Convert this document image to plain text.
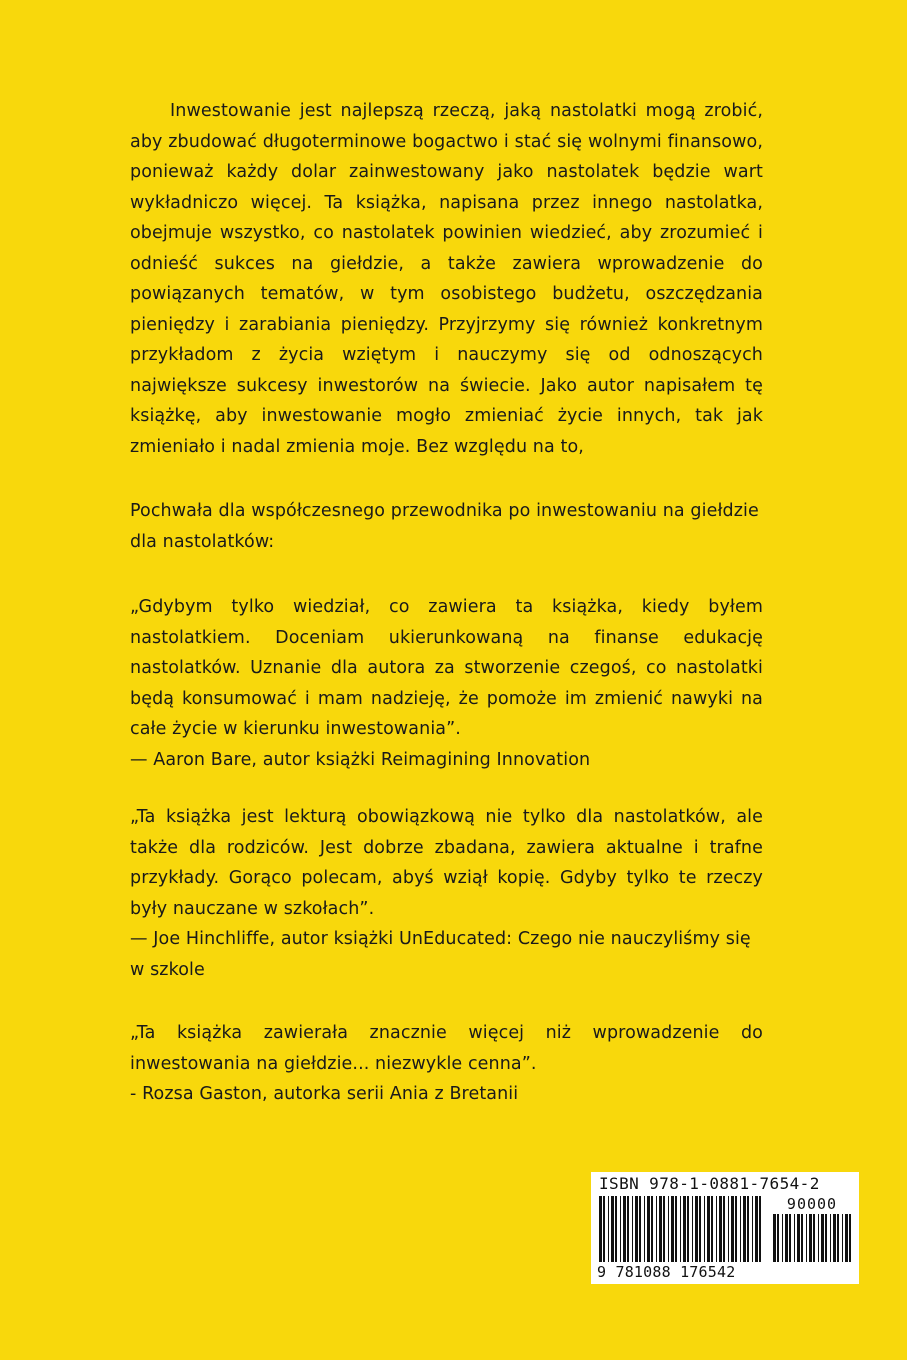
Inwestowanie jest najlepszą rzeczą, jaką nastolatki mogą zrobić, aby zbudować długoterminowe bogactwo i stać się wolnymi finansowo, ponieważ każdy dolar zainwestowany jako nastolatek będzie wart wykładniczo więcej. Ta książka, napisana przez innego nastolatka, obejmuje wszystko, co nastolatek powinien wiedzieć, aby zrozumieć i odnieść sukces na giełdzie, a także zawiera wprowadzenie do powiązanych tematów, w tym osobistego budżetu, oszczędzania pieniędzy i zarabiania pieniędzy. Przyjrzymy się również konkretnym przykładom z życia wziętym i nauczymy się od odnoszących największe sukcesy inwestorów na świecie. Jako autor napisałem tę książkę, aby inwestowanie mogło zmieniać życie innych, tak jak zmieniało i nadal zmienia moje. Bez względu na to,

Pochwała dla współczesnego przewodnika po inwestowaniu na giełdzie dla nastolatków:

„Gdybym tylko wiedział, co zawiera ta książka, kiedy byłem nastolatkiem. Doceniam ukierunkowaną na finanse edukację nastolatków. Uznanie dla autora za stworzenie czegoś, co nastolatki będą konsumować i mam nadzieję, że pomoże im zmienić nawyki na całe życie w kierunku inwestowania”.

— Aaron Bare, autor książki Reimagining Innovation

„Ta książka jest lekturą obowiązkową nie tylko dla nastolatków, ale także dla rodziców. Jest dobrze zbadana, zawiera aktualne i trafne przykłady. Gorąco polecam, abyś wziął kopię. Gdyby tylko te rzeczy były nauczane w szkołach”.

— Joe Hinchliffe, autor książki UnEducated: Czego nie nauczyliśmy się w szkole

„Ta książka zawierała znacznie więcej niż wprowadzenie do inwestowania na giełdzie... niezwykle cenna”.

- Rozsa Gaston, autorka serii Ania z Bretanii
ISBN 978-1-0881-7654-2
90000
9 781088 176542
